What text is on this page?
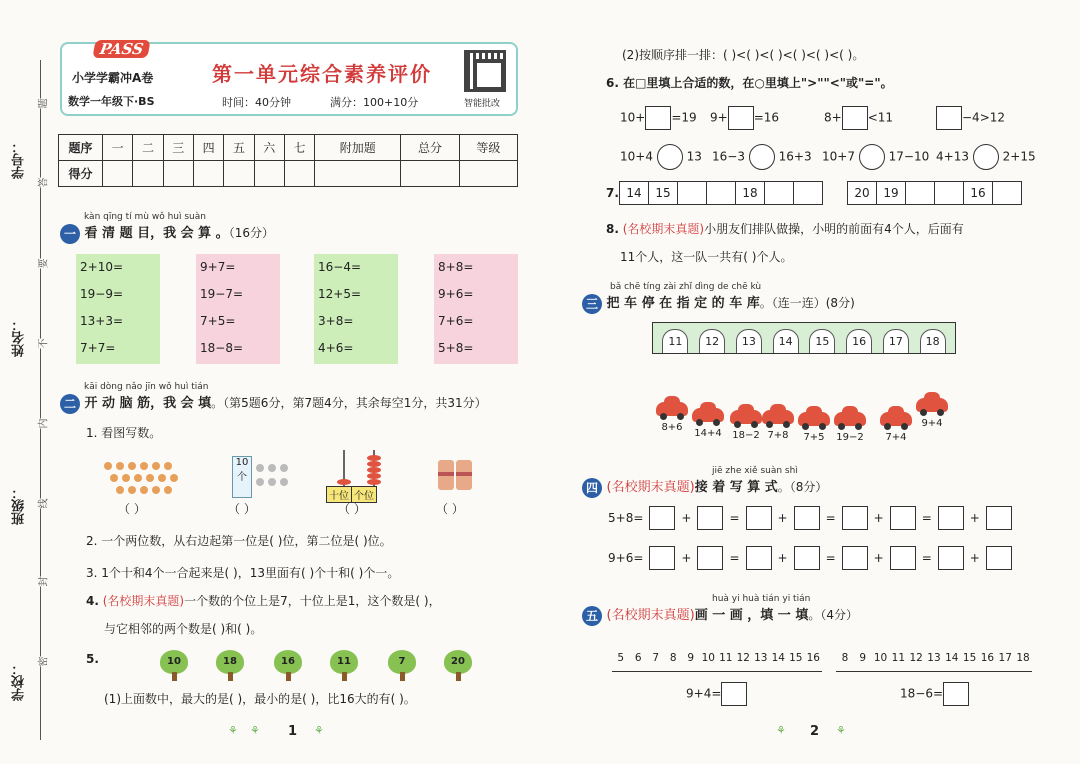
题
答
要
不
内
线
封
密
学号：
姓名：
班级：
学校：
PASS
小学学霸冲A卷
数学一年级下·BS
第一单元综合素养评价
时间：40分钟	满分：100+10分	智能批改
题序	一	二	三	四	五	六	七	附加题	总分	等级
得分										
kàn qīng tí mù wǒ huì suàn
一 看 清 题 目，我 会 算 。（16分）
2+10=
19−9=
13+3=
7+7=
9+7=
19−7=
7+5=
18−8=
16−4=
12+5=
3+8=
4+6=
8+8=
9+6=
7+6=
5+8=
kāi dòng nǎo jīn wǒ huì tián
二 开 动 脑 筋，我 会 填。（第5题6分，第7题4分，其余每空1分，共31分）
1. 看图写数。
10个
十位 个位
（ ）	（ ）	（ ）	（ ）
2. 一个两位数，从右边起第一位是( )位，第二位是( )位。
3. 1个十和4个一合起来是( )，13里面有( )个十和( )个一。
4. (名校期末真题)一个数的个位上是7，十位上是1，这个数是( )，
与它相邻的两个数是( )和( )。
5.	10	18	16	11	7	20
(1)上面数中，最大的是( )，最小的是( )，比16大的有( )。
⚘ ⚘ 1 ⚘
(2)按顺序排一排：( )<( )<( )<( )<( )<( )。
6. 在□里填上合适的数，在○里填上">""<"或"="。
10+ =19 9+ =16	8+ <11	−4>12
10+4	13 16−3	16+3 10+7	17−10 4+13	2+15
7. 14	15	18	20	19	16
8. (名校期末真题)小朋友们排队做操，小明的前面有4个人，后面有
11个人，这一队一共有( )个人。
bǎ chē tíng zài zhǐ dìng de chē kù
三 把 车 停 在 指 定 的 车 库。（连一连）(8分)
11	12	13	14	15	16	17	18
8+6
14+4 18−2 7+8	7+5	19−2	7+4
9+4
jiē zhe xiě suàn shì
四 (名校期末真题)接 着 写 算 式。（8分）
5+8=	+	=	+	=	+	=	+
9+6=	+	=	+	=	+	=	+
huà yi huà tián yi tián
五 (名校期末真题)画 一 画 ，填 一 填。（4分）
5	6	7	8	9 10 11 12 13 14 15 16	8	9 10 11 12 13 14 15 16 17 18
9+4=	18−6=
⚘ 2 ⚘
